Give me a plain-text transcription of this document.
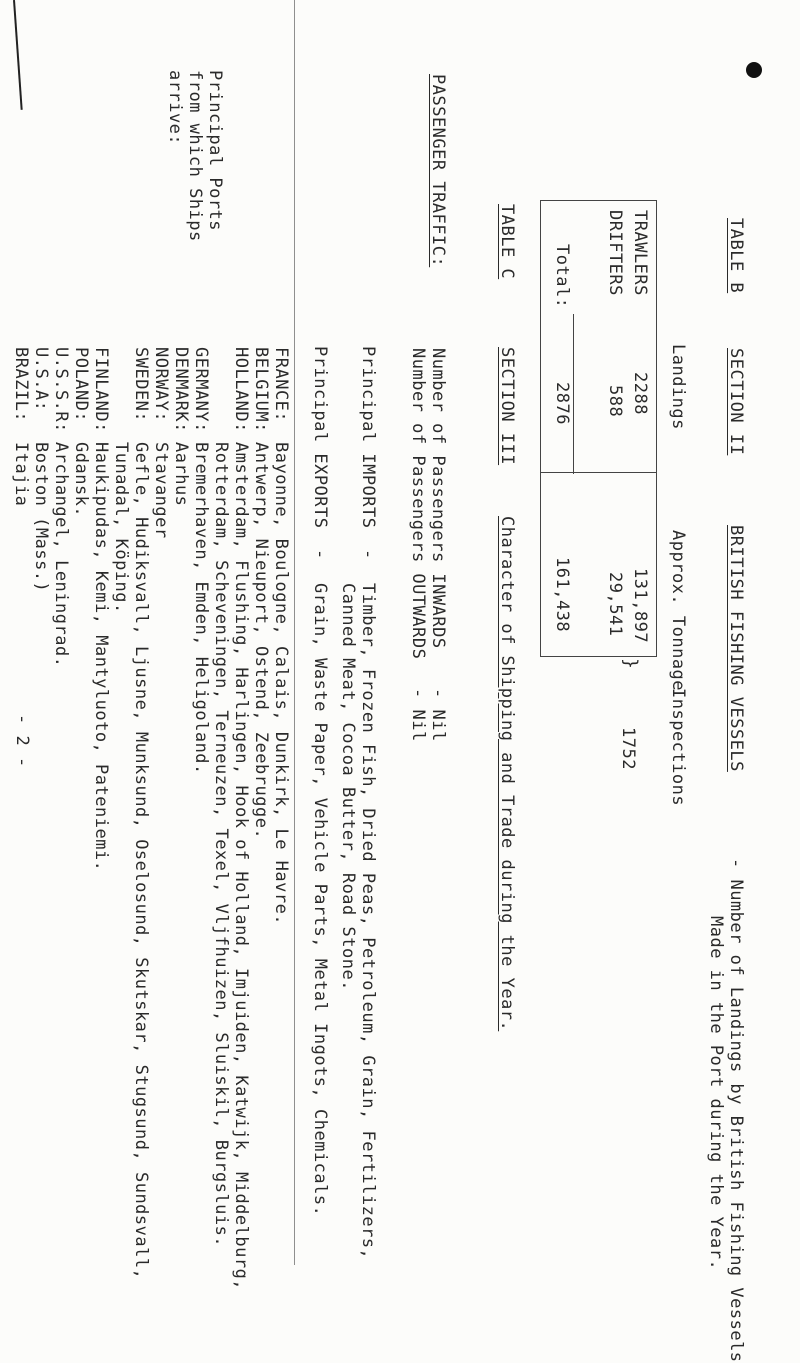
TABLE B
SECTION II
BRITISH FISHING VESSELS
- Number of Landings by British Fishing Vessels
Made in the Port during the Year.
Landings
Approx. Tonnage
Inspections
TRAWLERS
2288
131,897
DRIFTERS
588
29,541
}
1752
Total:
2876
161,438
TABLE C
SECTION III
Character of Shipping and Trade during the Year.
PASSENGER TRAFFIC:
Number of Passengers INWARDS
- Nil
Number of Passengers OUTWARDS
- Nil
Principal IMPORTS
-
Timber, Frozen Fish, Dried Peas, Petroleum, Grain, Fertilizers,
Canned Meat, Cocoa Butter, Road Stone.
Principal EXPORTS
-
Grain, Waste Paper, Vehicle Parts, Metal Ingots, Chemicals.
Principal Ports
from which Ships
arrive:
FRANCE:
Bayonne, Boulogne, Calais, Dunkirk, Le Havre.
BELGIUM:
Antwerp, Nieuport, Ostend, Zeebrugge.
HOLLAND:
Amsterdam, Flushing, Harlingen, Hook of Holland, Imjuiden, Katwijk, Middelburg,
Rotterdam, Scheveningen, Terneuzen, Texel, Vljfhuizen, Sluiskil, Burgsluis.
GERMANY:
Bremerhaven, Emden, Heligoland.
DENMARK:
Aarhus
NORWAY:
Stavanger
SWEDEN:
Gefle, Hudiksvall, Ljusne, Munksund, Oselosund, Skutskar, Stugsund, Sundsvall,
Tunadal, Köping.
FINLAND:
Haukipudas, Kemi, Mantyluoto, Pateniemi.
POLAND:
Gdansk.
U.S.S.R:
Archangel, Leningrad.
U.S.A:
Boston (Mass.)
BRAZIL:
Itajia
- 2 -
